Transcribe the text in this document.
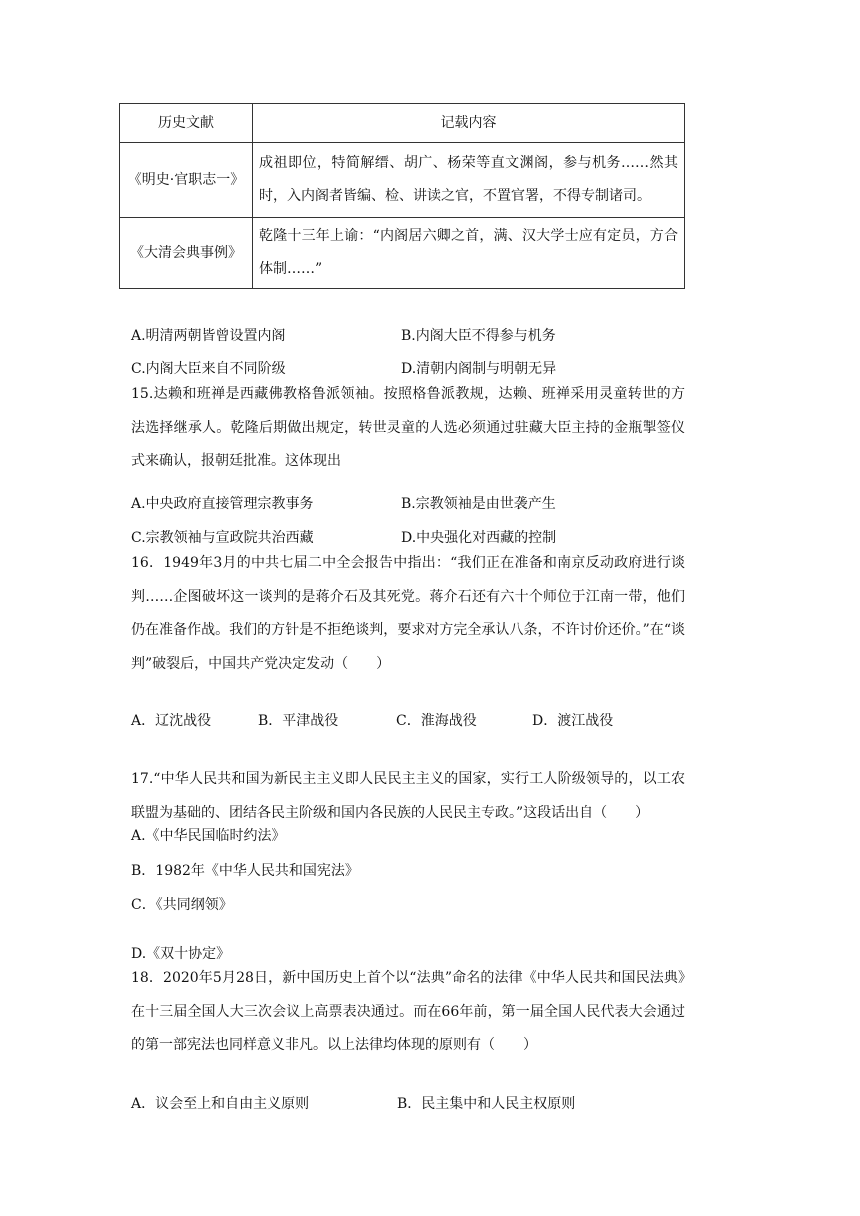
历史文献	记载内容
《明史·官职志一》	成祖即位，特简解缙、胡广、杨荣等直文渊阁，参与机务……然其时，入内阁者皆编、检、讲读之官，不置官署，不得专制诸司。
《大清会典事例》	乾隆十三年上谕：“内阁居六卿之首，满、汉大学士应有定员，方合体制……”
A.明清两朝皆曾设置内阁	B.内阁大臣不得参与机务
C.内阁大臣来自不同阶级	D.清朝内阁制与明朝无异
15.达赖和班禅是西藏佛教格鲁派领袖。按照格鲁派教规，达赖、班禅采用灵童转世的方法选择继承人。乾隆后期做出规定，转世灵童的人选必须通过驻藏大臣主持的金瓶掣签仪式来确认，报朝廷批准。这体现出
A.中央政府直接管理宗教事务	B.宗教领袖是由世袭产生
C.宗教领袖与宣政院共治西藏	D.中央强化对西藏的控制
16．1949年3月的中共七届二中全会报告中指出：“我们正在准备和南京反动政府进行谈判……企图破坏这一谈判的是蒋介石及其死党。蒋介石还有六十个师位于江南一带，他们仍在准备作战。我们的方针是不拒绝谈判，要求对方完全承认八条，不许讨价还价。”在“谈判”破裂后，中国共产党决定发动（　　）
A．辽沈战役	B．平津战役	C．淮海战役	D．渡江战役
17.“中华人民共和国为新民主主义即人民民主主义的国家，实行工人阶级领导的，以工农联盟为基础的、团结各民主阶级和国内各民族的人民民主专政。”这段话出自（　　）
A.《中华民国临时约法》
B．1982年《中华人民共和国宪法》
C．《共同纲领》
D.《双十协定》
18．2020年5月28日，新中国历史上首个以“法典”命名的法律《中华人民共和国民法典》在十三届全国人大三次会议上高票表决通过。而在66年前，第一届全国人民代表大会通过的第一部宪法也同样意义非凡。以上法律均体现的原则有（　　）
A．议会至上和自由主义原则	B．民主集中和人民主权原则
